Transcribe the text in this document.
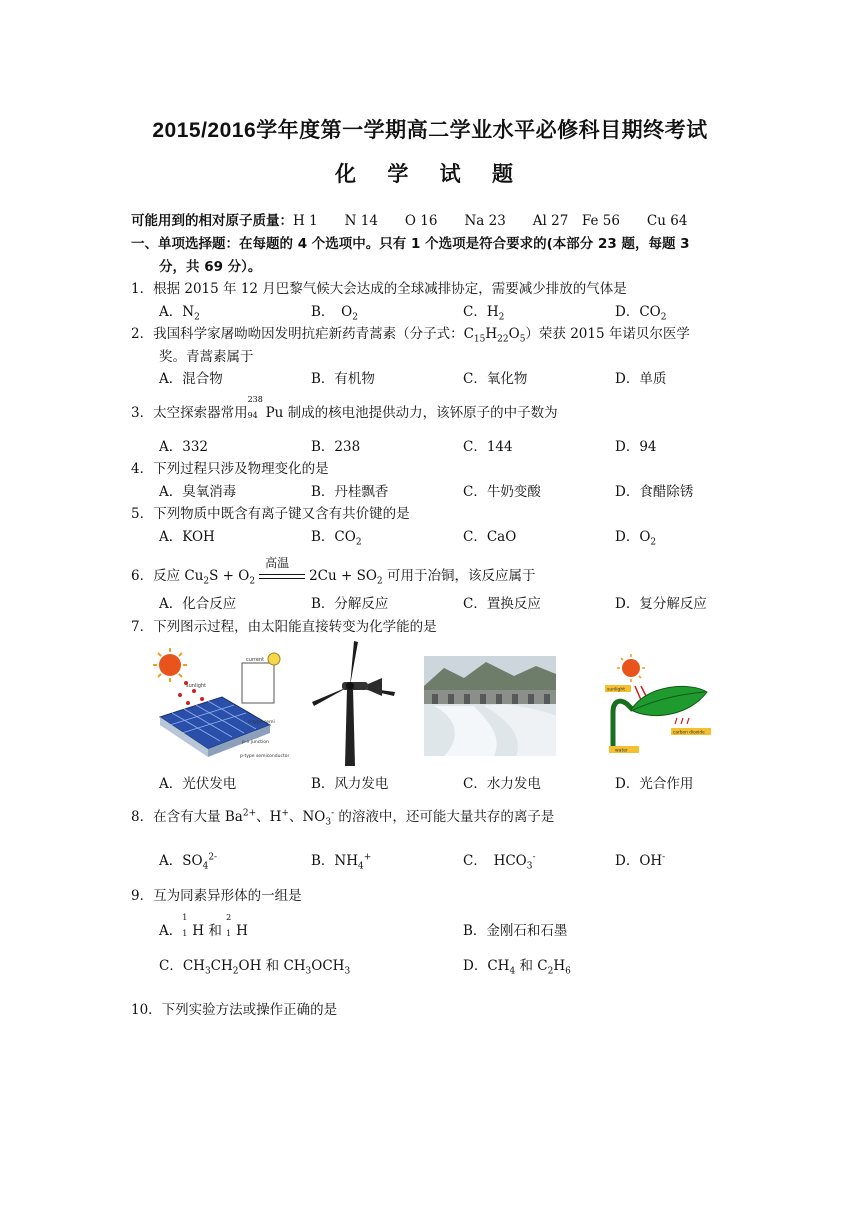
2015/2016学年度第一学期高二学业水平必修科目期终考试
化 学 试 题
可能用到的相对原子质量：H 1　　N 14　　O 16　　Na 23　　Al 27　Fe 56　　Cu 64
一、单项选择题：在每题的 4 个选项中。只有 1 个选项是符合要求的(本部分 23 题，每题 3
分，共 69 分）。
1．根据 2015 年 12 月巴黎气候大会达成的全球减排协定，需要减少排放的气体是
A．$N_2$	B．　$O_2$	C．$H_2$	D．$CO_2$
2．我国科学家屠呦呦因发明抗疟新药青蒿素（分子式：$C_{15}H_{22}O_5$）荣获 2015 年诺贝尔医学
奖。青蒿素属于
A．混合物	B．有机物	C．氧化物	D．单质
3．太空探索器常用
238
94 Pu 制成的核电池提供动力，该钚原子的中子数为
A．332	B．238	C．144	D．94
4．下列过程只涉及物理变化的是
A．臭氧消毒	B．丹桂飘香	C．牛奶变酸	D．食醋除锈
5．下列物质中既含有离子键又含有共价键的是
A．KOH	B．$CO_2$	C．CaO	D．$O_2$
6．反应 $Cu_2S + O_2$
高温
$2Cu + SO_2$ 可用于冶铜，该反应属于
A．化合反应	B．分解反应	C．置换反应	D．复分解反应
7．下列图示过程，由太阳能直接转变为化学能的是
sunlight
current
n-type semi
p-n junction
p-type semiconductor
sunlight
carbon dioxide
water
A．光伏发电	B．风力发电	C．水力发电	D．光合作用
8．在含有大量 $Ba^{2+}$、H+、$NO_3^-$ 的溶液中，还可能大量共存的离子是
A．$SO_4^{2-}$	B．$NH_4^+$	C．　$HCO_3^-$	D．OH-
9．互为同素异形体的一组是
A．
1
1 H 和
2
1 H	B．金刚石和石墨
C．$CH_3CH_2OH$ 和 $CH_3OCH_3$	D．$CH_4$ 和 $C_2H_6$
10．下列实验方法或操作正确的是
